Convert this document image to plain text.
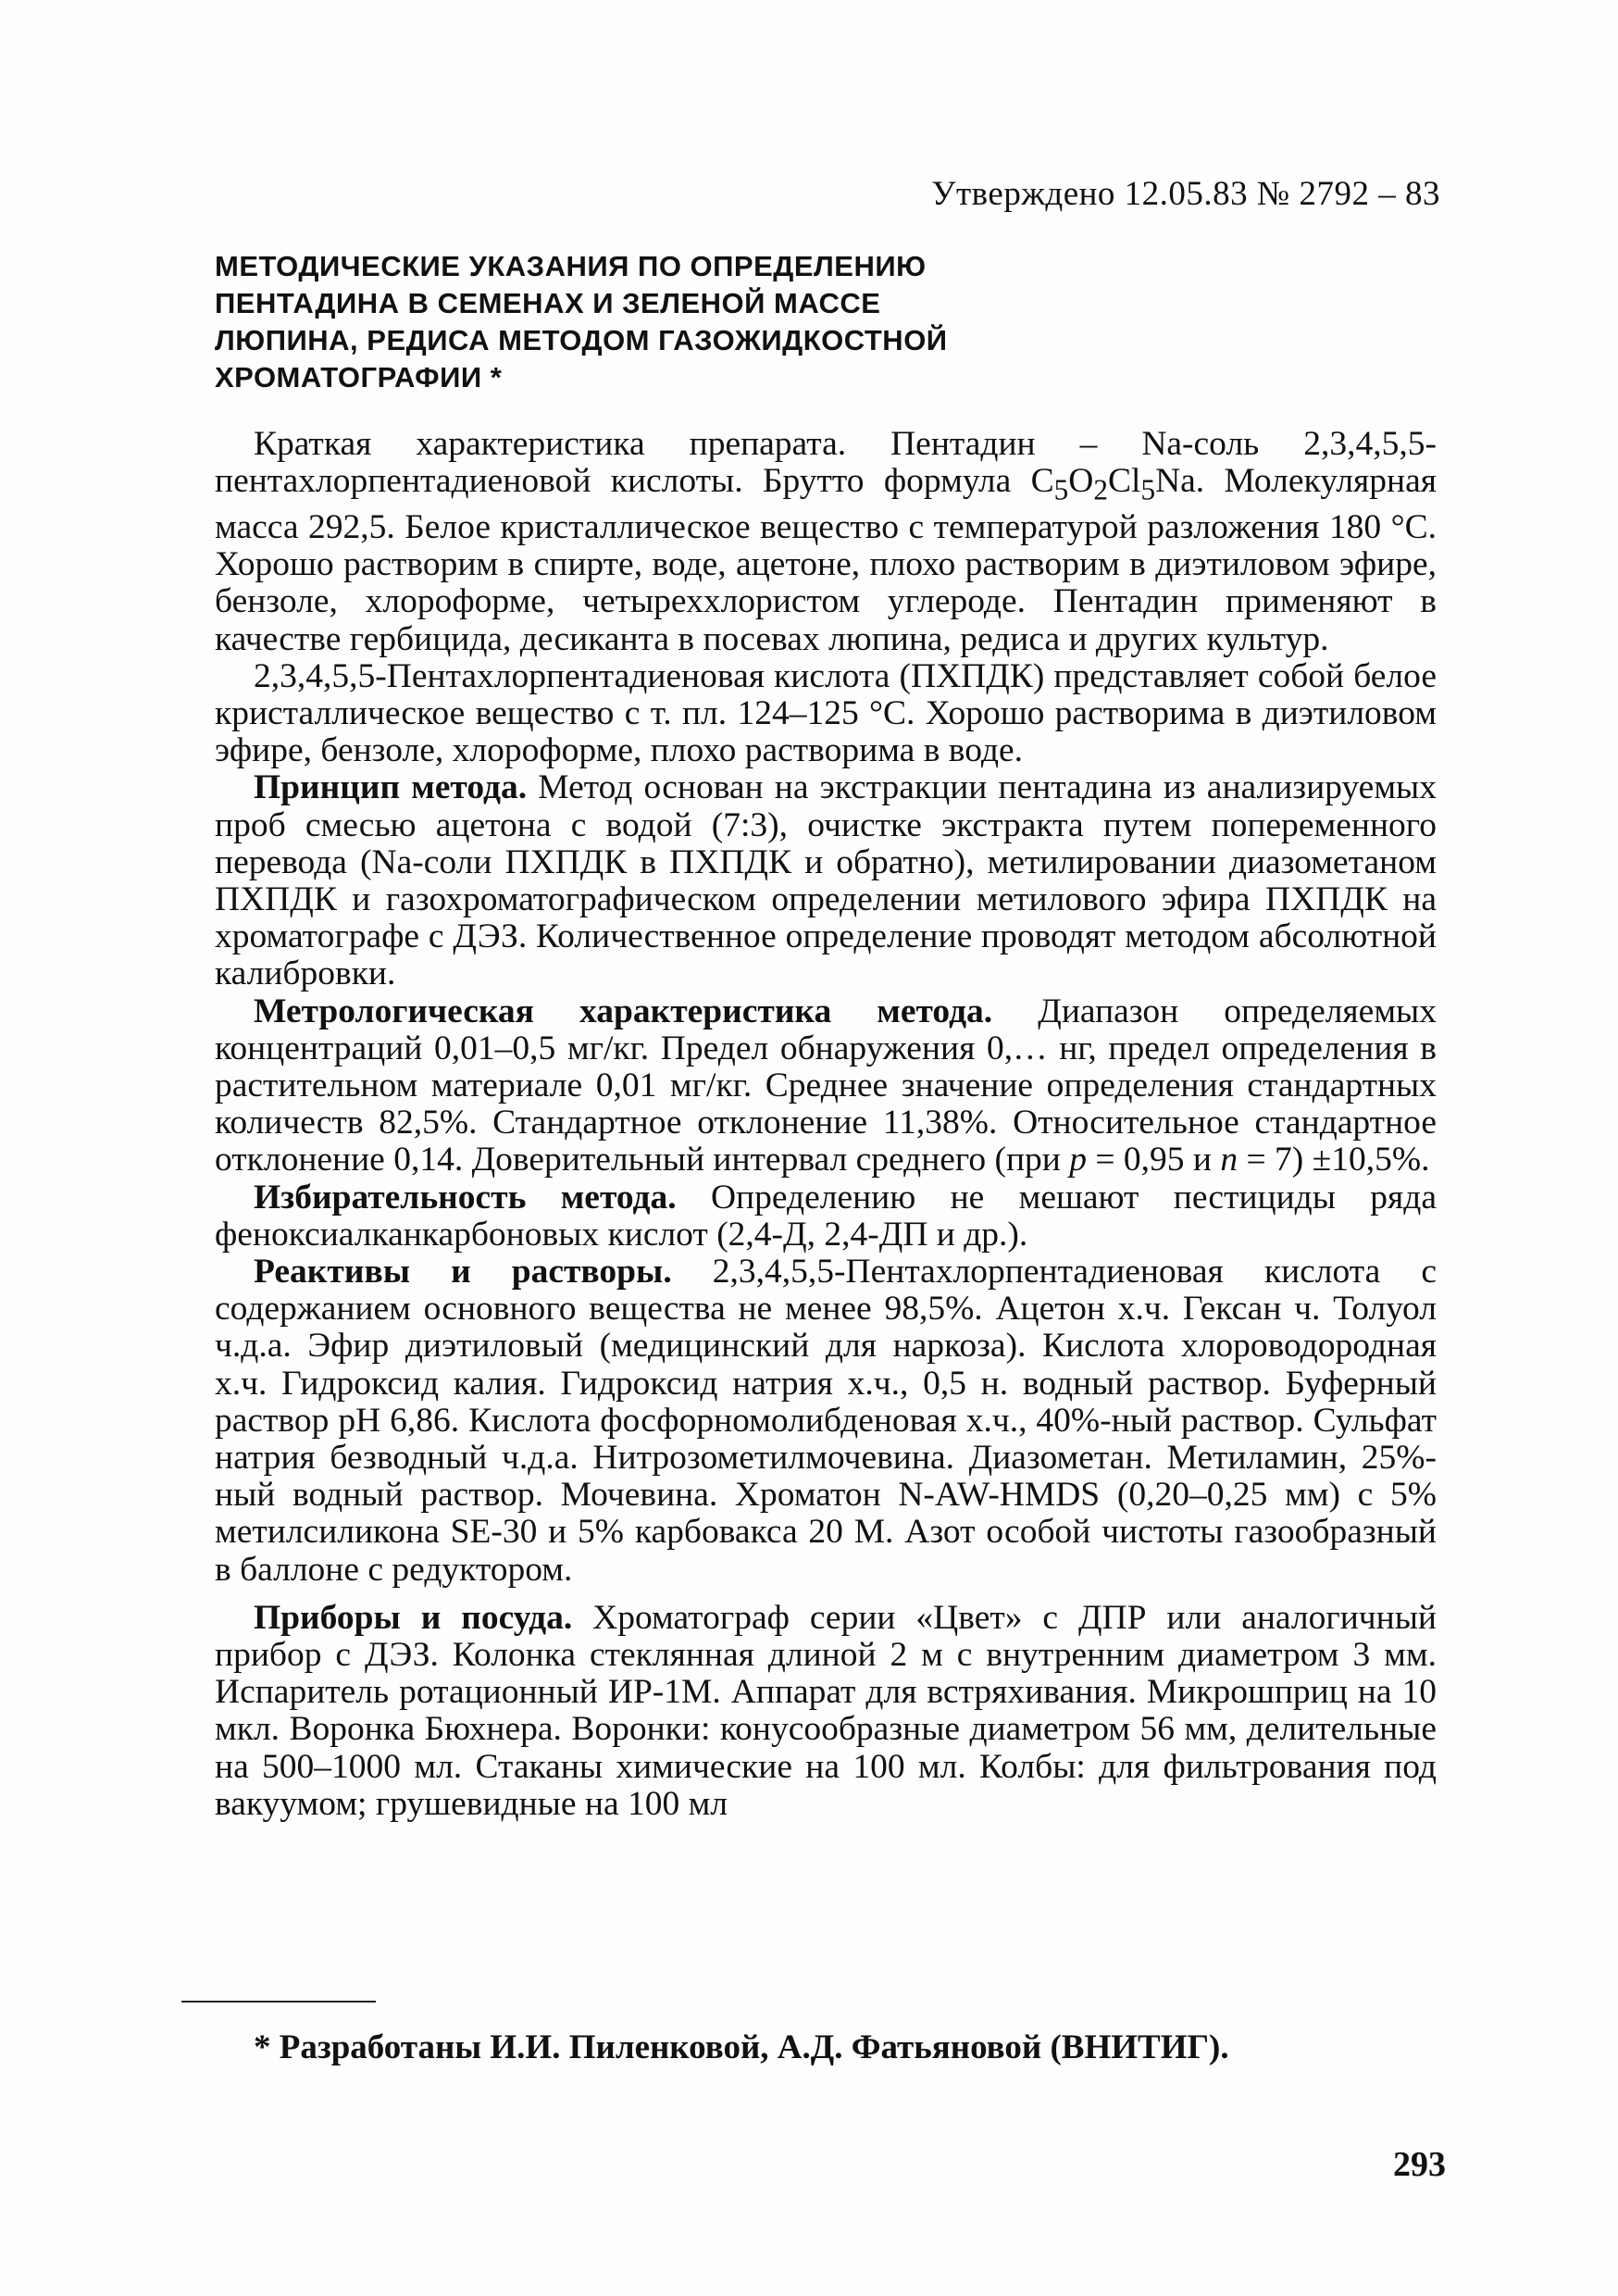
Утверждено 12.05.83 № 2792 – 83
МЕТОДИЧЕСКИЕ УКАЗАНИЯ ПО ОПРЕДЕЛЕНИЮ
ПЕНТАДИНА В СЕМЕНАХ И ЗЕЛЕНОЙ МАССЕ
ЛЮПИНА, РЕДИСА МЕТОДОМ ГАЗОЖИДКОСТНОЙ
ХРОМАТОГРАФИИ *

Краткая характеристика препарата. Пентадин – Nа-соль 2,3,4,5,5-пентахлорпентадиеновой кислоты. Брутто формула $C_5O_2Cl_5Na$. Молекулярная масса 292,5. Белое кристаллическое вещество с температурой разложения 180 °С. Хорошо растворим в спирте, воде, ацетоне, плохо растворим в диэтиловом эфире, бензоле, хлороформе, четыреххлористом углероде. Пентадин применяют в качестве гербицида, десиканта в посевах люпина, редиса и других культур.

2,3,4,5,5-Пентахлорпентадиеновая кислота (ПХПДК) представляет собой белое кристаллическое вещество с т. пл. 124–125 °С. Хорошо растворима в диэтиловом эфире, бензоле, хлороформе, плохо растворима в воде.

Принцип метода. Метод основан на экстракции пентадина из анализируемых проб смесью ацетона с водой (7:3), очистке экстракта путем попеременного перевода (Na-соли ПХПДК в ПХПДК и обратно), метилировании диазометаном ПХПДК и газохроматографическом определении метилового эфира ПХПДК на хроматографе с ДЭЗ. Количественное определение проводят методом абсолютной калибровки.

Метрологическая характеристика метода. Диапазон определяемых концентраций 0,01–0,5 мг/кг. Предел обнаружения 0,… нг, предел определения в растительном материале 0,01 мг/кг. Среднее значение определения стандартных количеств 82,5%. Стандартное отклонение 11,38%. Относительное стандартное отклонение 0,14. Доверительный интервал среднего (при p = 0,95 и n = 7) ±10,5%.

Избирательность метода. Определению не мешают пестициды ряда феноксиалканкарбоновых кислот (2,4-Д, 2,4-ДП и др.).

Реактивы и растворы. 2,3,4,5,5-Пентахлорпентадиеновая кислота с содержанием основного вещества не менее 98,5%. Ацетон х.ч. Гексан ч. Толуол ч.д.а. Эфир диэтиловый (медицинский для наркоза). Кислота хлороводородная х.ч. Гидроксид калия. Гидроксид натрия х.ч., 0,5 н. водный раствор. Буферный раствор рН 6,86. Кислота фосфорномолибденовая х.ч., 40%-ный раствор. Сульфат натрия безводный ч.д.а. Нитрозометилмочевина. Диазометан. Метиламин, 25%-ный водный раствор. Мочевина. Хроматон N-AW-HMDS (0,20–0,25 мм) с 5% метилсиликона SE-30 и 5% карбовакса 20 М. Азот особой чистоты газообразный в баллоне с редуктором.

Приборы и посуда. Хроматограф серии «Цвет» с ДПР или аналогичный прибор с ДЭЗ. Колонка стеклянная длиной 2 м с внутренним диаметром 3 мм. Испаритель ротационный ИР-1М. Аппарат для встряхивания. Микрошприц на 10 мкл. Воронка Бюхнера. Воронки: конусообразные диаметром 56 мм, делительные на 500–1000 мл. Стаканы химические на 100 мл. Колбы: для фильтрования под вакуумом; грушевидные на 100 мл

* Разработаны И.И. Пиленковой, А.Д. Фатьяновой (ВНИТИГ).
293
